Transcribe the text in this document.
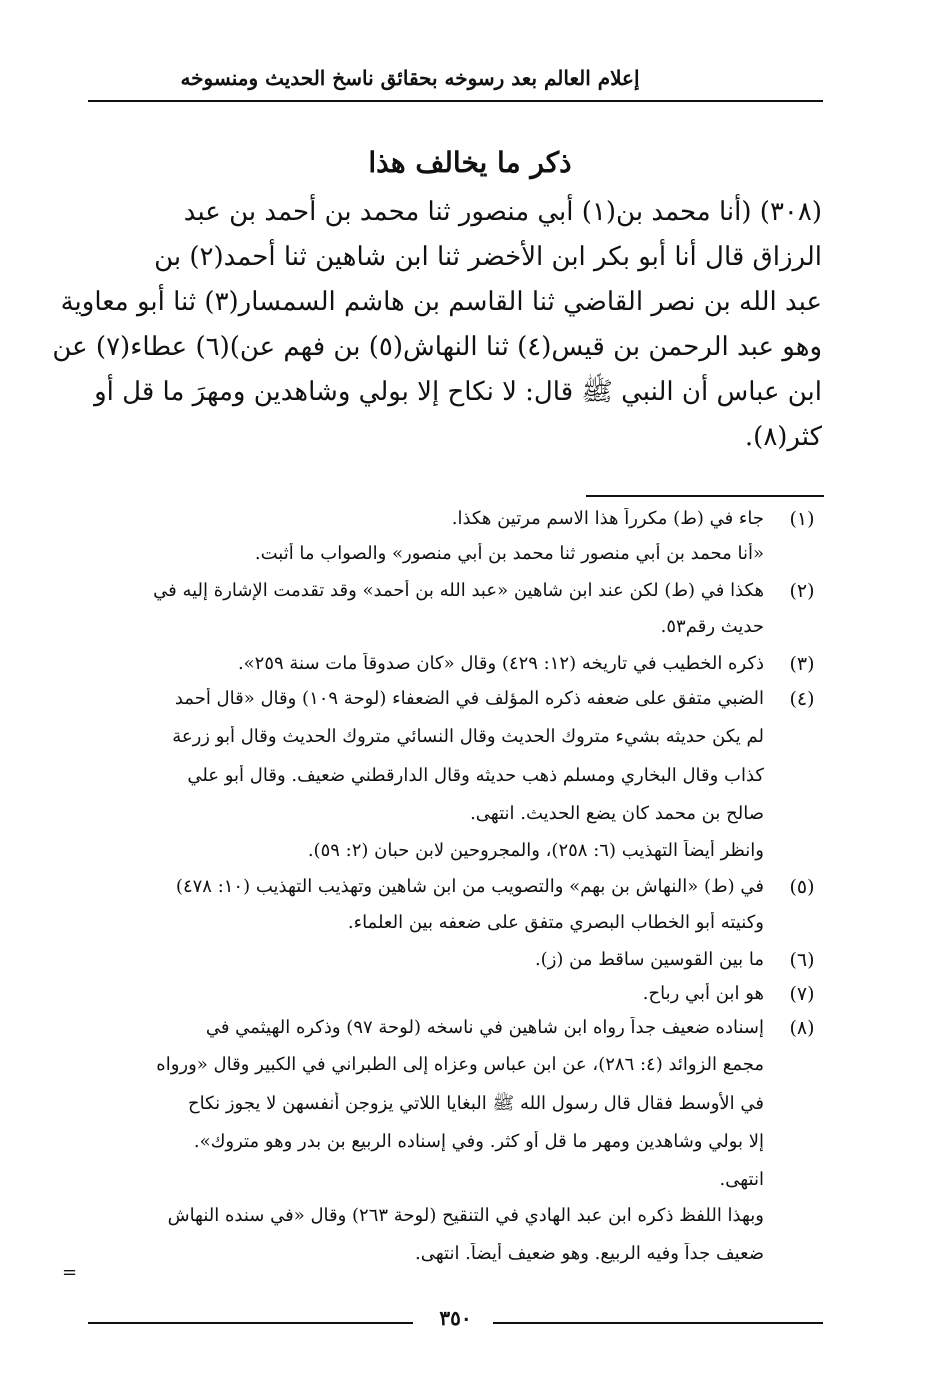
إعلام العالم بعد رسوخه بحقائق ناسخ الحديث ومنسوخه
ذكر ما يخالف هذا
(٣٠٨) (أنا محمد بن(١) أبي منصور ثنا محمد بن أحمد بن عبد
الرزاق قال أنا أبو بكر ابن الأخضر ثنا ابن شاهين ثنا أحمد(٢) بن
عبد الله بن نصر القاضي ثنا القاسم بن هاشم السمسار(٣) ثنا أبو معاوية
وهو عبد الرحمن بن قيس(٤) ثنا النهاش(٥) بن فهم عن)(٦) عطاء(٧) عن
ابن عباس أن النبي ﷺ قال: لا نكاح إلا بولي وشاهدين ومهرَ ما قل أو
كثر(٨).
(١)
جاء في (ط) مكرراً هذا الاسم مرتين هكذا.
«أنا محمد بن أبي منصور ثنا محمد بن أبي منصور» والصواب ما أثبت.
(٢)
هكذا في (ط) لكن عند ابن شاهين «عبد الله بن أحمد» وقد تقدمت الإشارة إليه في
حديث رقم٥٣.
(٣)
ذكره الخطيب في تاريخه (١٢: ٤٢٩) وقال «كان صدوقاً مات سنة ٢٥٩».
(٤)
الضبي متفق على ضعفه ذكره المؤلف في الضعفاء (لوحة ١٠٩) وقال «قال أحمد
لم يكن حديثه بشيء متروك الحديث وقال النسائي متروك الحديث وقال أبو زرعة
كذاب وقال البخاري ومسلم ذهب حديثه وقال الدارقطني ضعيف. وقال أبو علي
صالح بن محمد كان يضع الحديث. انتهى.
وانظر أيضاً التهذيب (٦: ٢٥٨)، والمجروحين لابن حبان (٢: ٥٩).
(٥)
في (ط) «النهاش بن بهم» والتصويب من ابن شاهين وتهذيب التهذيب (١٠: ٤٧٨)
وكنيته أبو الخطاب البصري متفق على ضعفه بين العلماء.
(٦)
ما بين القوسين ساقط من (ز).
(٧)
هو ابن أبي رباح.
(٨)
إسناده ضعيف جداً رواه ابن شاهين في ناسخه (لوحة ٩٧) وذكره الهيثمي في
مجمع الزوائد (٤: ٢٨٦)، عن ابن عباس وعزاه إلى الطبراني في الكبير وقال «ورواه
في الأوسط فقال قال رسول الله ﷺ البغايا اللاتي يزوجن أنفسهن لا يجوز نكاح
إلا بولي وشاهدين ومهر ما قل أو كثر. وفي إسناده الربيع بن بدر وهو متروك».
انتهى.
وبهذا اللفظ ذكره ابن عبد الهادي في التنقيح (لوحة ٢٦٣) وقال «في سنده النهاش
ضعيف جداً وفيه الربيع. وهو ضعيف أيضاً. انتهى.
=
٣٥٠
